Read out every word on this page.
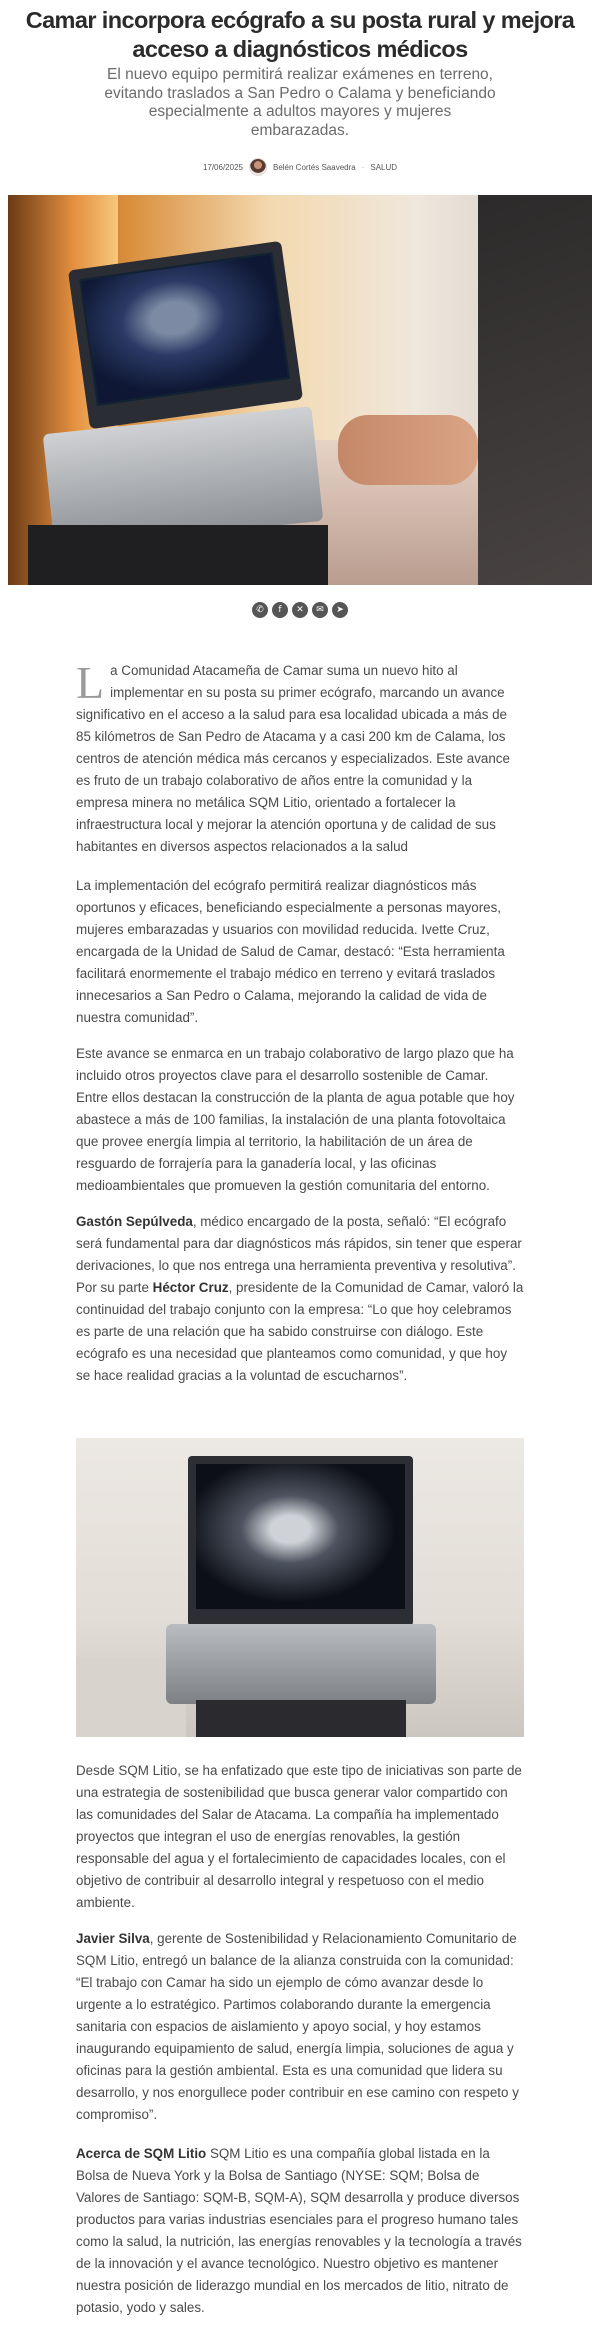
Camar incorpora ecógrafo a su posta rural y mejora acceso a diagnósticos médicos

El nuevo equipo permitirá realizar exámenes en terreno, evitando traslados a San Pedro o Calama y beneficiando especialmente a adultos mayores y mujeres embarazadas.

17/06/2025	Belén Cortés Saavedra · SALUD
✆	f	✕	✉	➤
La Comunidad Atacameña de Camar suma un nuevo hito al implementar en su posta su primer ecógrafo, marcando un avance significativo en el acceso a la salud para esa localidad ubicada a más de 85 kilómetros de San Pedro de Atacama y a casi 200 km de Calama, los centros de atención médica más cercanos y especializados. Este avance es fruto de un trabajo colaborativo de años entre la comunidad y la empresa minera no metálica SQM Litio, orientado a fortalecer la infraestructura local y mejorar la atención oportuna y de calidad de sus habitantes en diversos aspectos relacionados a la salud

La implementación del ecógrafo permitirá realizar diagnósticos más oportunos y eficaces, beneficiando especialmente a personas mayores, mujeres embarazadas y usuarios con movilidad reducida. Ivette Cruz, encargada de la Unidad de Salud de Camar, destacó: “Esta herramienta facilitará enormemente el trabajo médico en terreno y evitará traslados innecesarios a San Pedro o Calama, mejorando la calidad de vida de nuestra comunidad”.

Este avance se enmarca en un trabajo colaborativo de largo plazo que ha incluido otros proyectos clave para el desarrollo sostenible de Camar. Entre ellos destacan la construcción de la planta de agua potable que hoy abastece a más de 100 familias, la instalación de una planta fotovoltaica que provee energía limpia al territorio, la habilitación de un área de resguardo de forrajería para la ganadería local, y las oficinas medioambientales que promueven la gestión comunitaria del entorno.

Gastón Sepúlveda, médico encargado de la posta, señaló: “El ecógrafo será fundamental para dar diagnósticos más rápidos, sin tener que esperar derivaciones, lo que nos entrega una herramienta preventiva y resolutiva”. Por su parte Héctor Cruz, presidente de la Comunidad de Camar, valoró la continuidad del trabajo conjunto con la empresa: “Lo que hoy celebramos es parte de una relación que ha sabido construirse con diálogo. Este ecógrafo es una necesidad que planteamos como comunidad, y que hoy se hace realidad gracias a la voluntad de escucharnos”.

Desde SQM Litio, se ha enfatizado que este tipo de iniciativas son parte de una estrategia de sostenibilidad que busca generar valor compartido con las comunidades del Salar de Atacama. La compañía ha implementado proyectos que integran el uso de energías renovables, la gestión responsable del agua y el fortalecimiento de capacidades locales, con el objetivo de contribuir al desarrollo integral y respetuoso con el medio ambiente.

Javier Silva, gerente de Sostenibilidad y Relacionamiento Comunitario de SQM Litio, entregó un balance de la alianza construida con la comunidad: “El trabajo con Camar ha sido un ejemplo de cómo avanzar desde lo urgente a lo estratégico. Partimos colaborando durante la emergencia sanitaria con espacios de aislamiento y apoyo social, y hoy estamos inaugurando equipamiento de salud, energía limpia, soluciones de agua y oficinas para la gestión ambiental. Esta es una comunidad que lidera su desarrollo, y nos enorgullece poder contribuir en ese camino con respeto y compromiso”.

Acerca de SQM Litio SQM Litio es una compañía global listada en la Bolsa de Nueva York y la Bolsa de Santiago (NYSE: SQM; Bolsa de Valores de Santiago: SQM-B, SQM-A), SQM desarrolla y produce diversos productos para varias industrias esenciales para el progreso humano tales como la salud, la nutrición, las energías renovables y la tecnología a través de la innovación y el avance tecnológico. Nuestro objetivo es mantener nuestra posición de liderazgo mundial en los mercados de litio, nitrato de potasio, yodo y sales.
